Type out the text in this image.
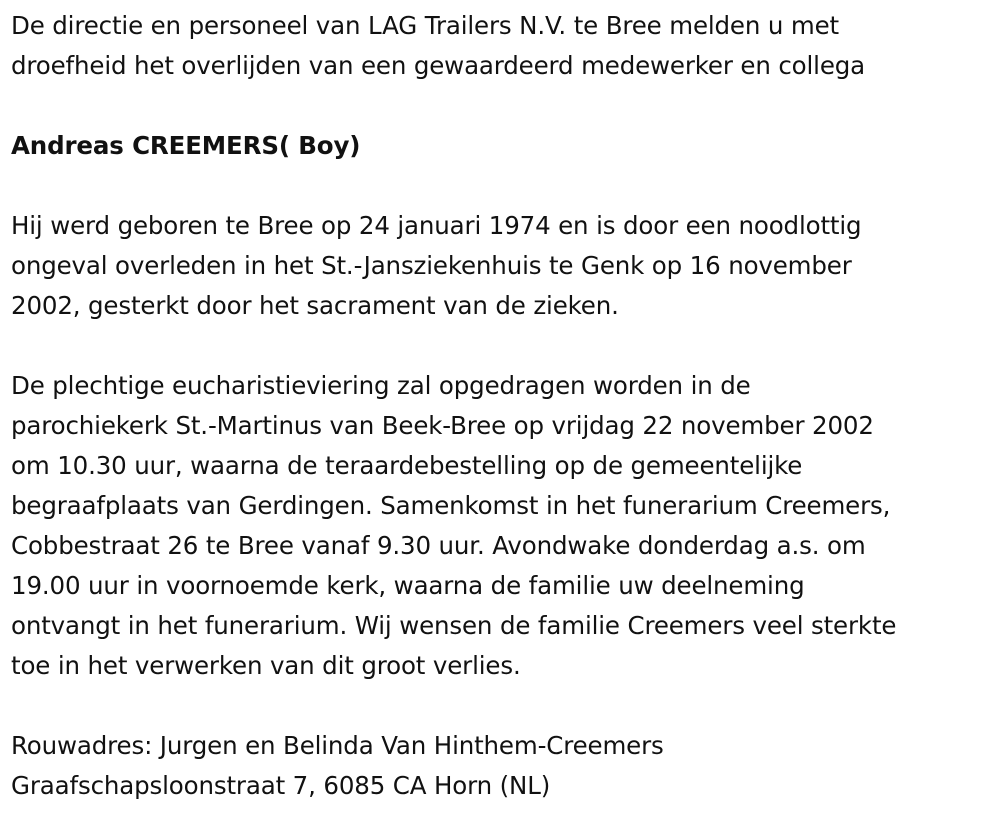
De directie en personeel van LAG Trailers N.V. te Bree melden u met
droefheid het overlijden van een gewaardeerd medewerker en collega

Andreas CREEMERS( Boy)

Hij werd geboren te Bree op 24 januari 1974 en is door een noodlottig
ongeval overleden in het St.-Jansziekenhuis te Genk op 16 november
2002, gesterkt door het sacrament van de zieken.

De plechtige eucharistieviering zal opgedragen worden in de
parochiekerk St.-Martinus van Beek-Bree op vrijdag 22 november 2002
om 10.30 uur, waarna de teraardebestelling op de gemeentelijke
begraafplaats van Gerdingen. Samenkomst in het funerarium Creemers,
Cobbestraat 26 te Bree vanaf 9.30 uur. Avondwake donderdag a.s. om
19.00 uur in voornoemde kerk, waarna de familie uw deelneming
ontvangt in het funerarium. Wij wensen de familie Creemers veel sterkte
toe in het verwerken van dit groot verlies.

Rouwadres: Jurgen en Belinda Van Hinthem-Creemers
Graafschapsloonstraat 7, 6085 CA Horn (NL)
